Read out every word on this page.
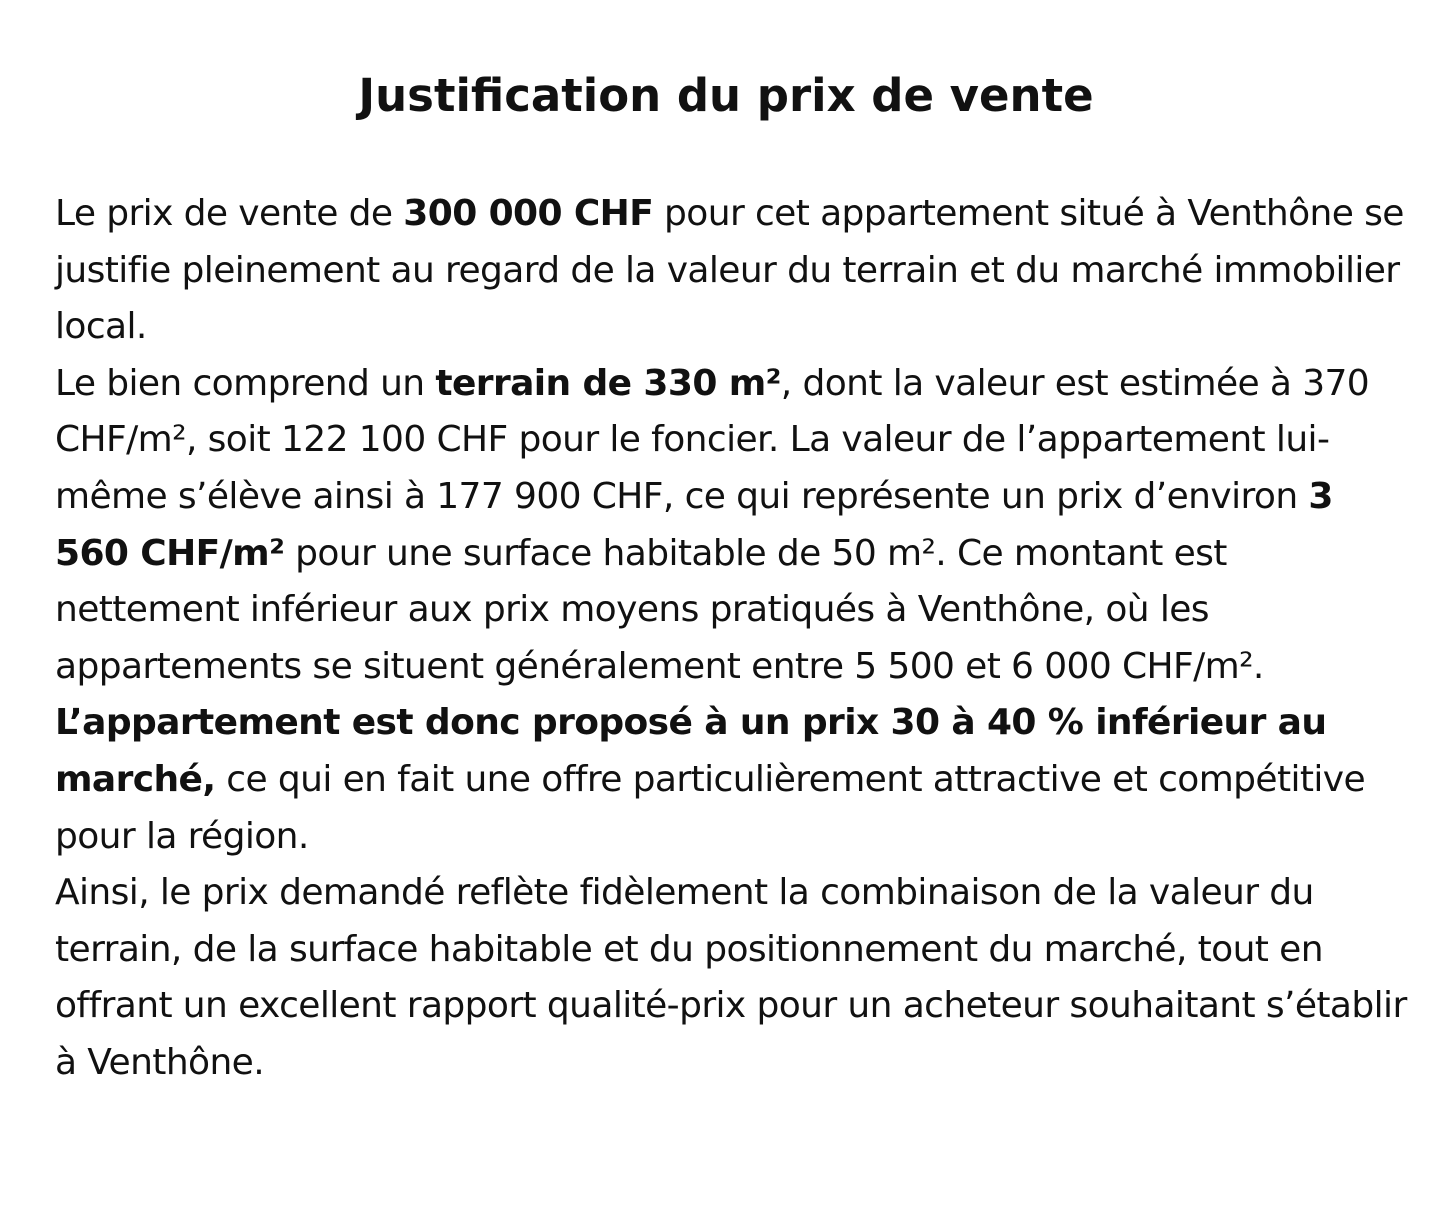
Justification du prix de vente

Le prix de vente de 300 000 CHF pour cet appartement situé à Venthône se justifie pleinement au regard de la valeur du terrain et du marché immobilier local.

Le bien comprend un terrain de 330 m², dont la valeur est estimée à 370 CHF/m², soit 122 100 CHF pour le foncier. La valeur de l’appartement lui-même s’élève ainsi à 177 900 CHF, ce qui représente un prix d’environ 3 560 CHF/m² pour une surface habitable de 50 m². Ce montant est nettement inférieur aux prix moyens pratiqués à Venthône, où les appartements se situent généralement entre 5 500 et 6 000 CHF/m². L’appartement est donc proposé à un prix 30 à 40 % inférieur au marché, ce qui en fait une offre particulièrement attractive et compétitive pour la région.

Ainsi, le prix demandé reflète fidèlement la combinaison de la valeur du terrain, de la surface habitable et du positionnement du marché, tout en offrant un excellent rapport qualité-prix pour un acheteur souhaitant s’établir à Venthône.
